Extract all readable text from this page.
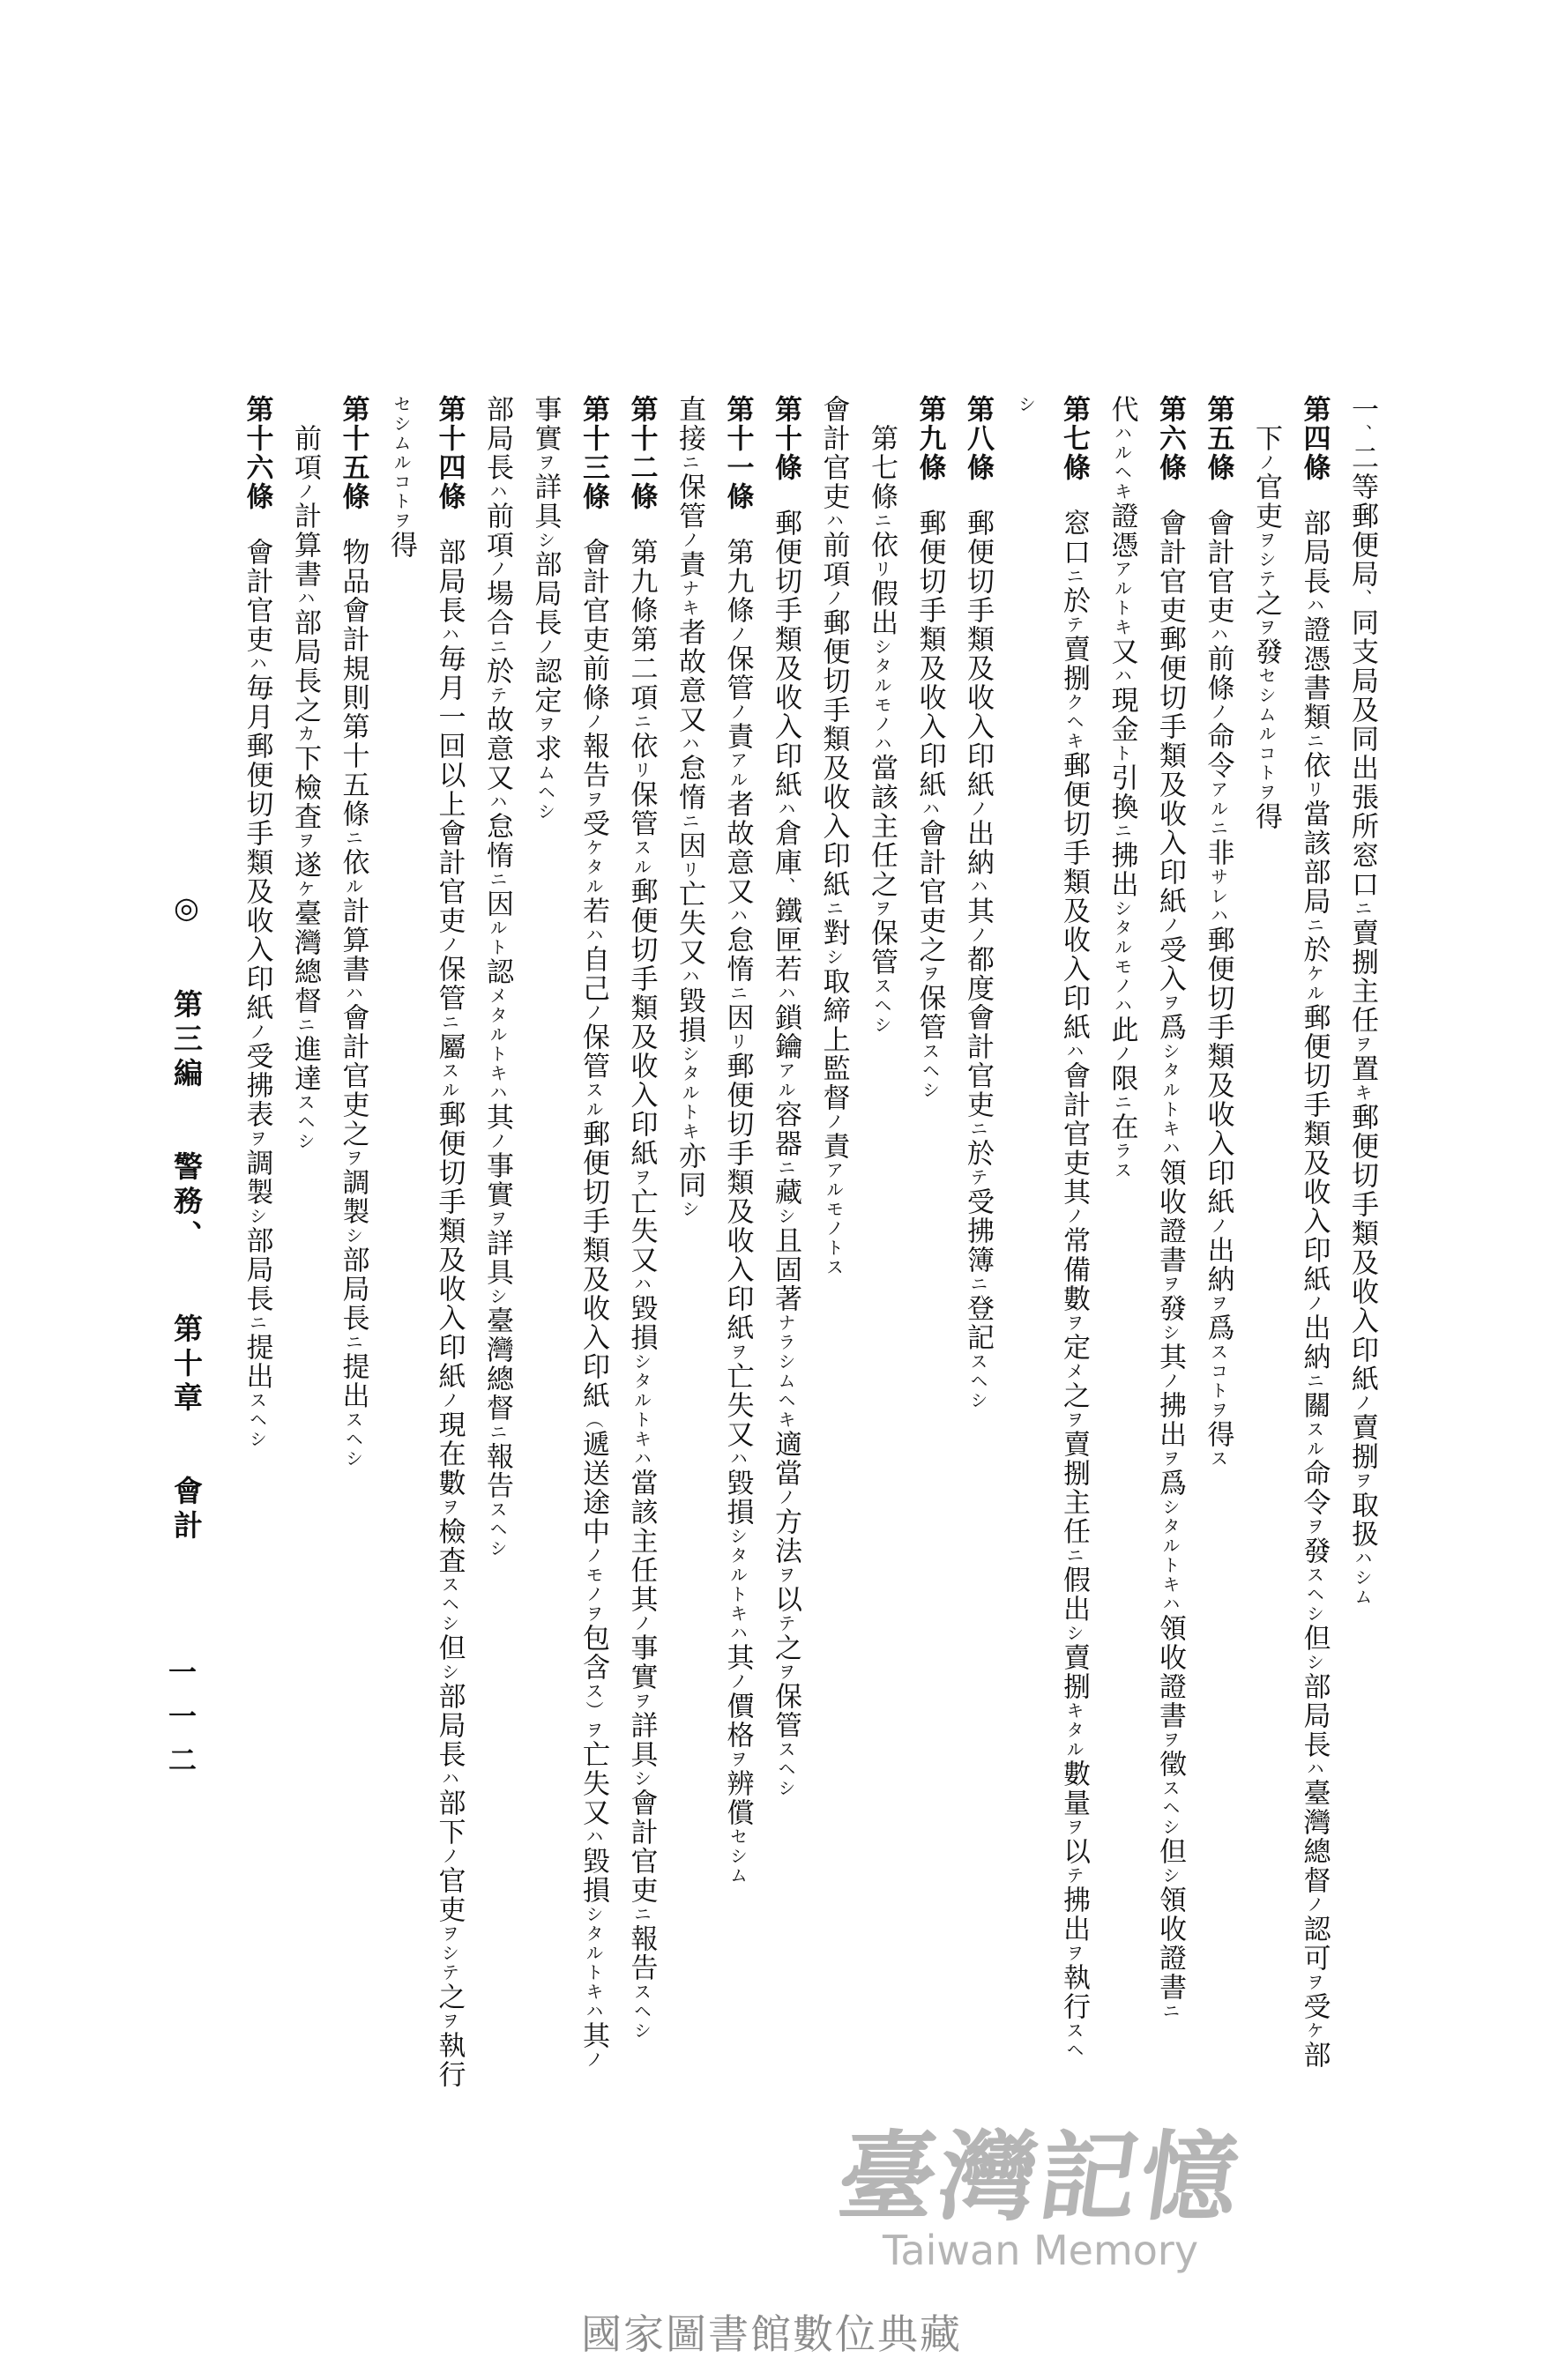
一、二等郵便局、同支局及同出張所窓口ニ賣捌主任ヲ置キ郵便切手類及收入印紙ノ賣捌ヲ取扱ハシム
第四條
部局長ハ證憑書類ニ依リ當該部局ニ於ケル郵便切手類及收入印紙ノ出納ニ關スル命令ヲ發スヘシ但シ部局長ハ臺灣總督ノ認可ヲ受ケ部
下ノ官吏ヲシテ之ヲ發セシムルコトヲ得
第五條
會計官吏ハ前條ノ命令アルニ非サレハ郵便切手類及收入印紙ノ出納ヲ爲スコトヲ得ス
第六條
會計官吏郵便切手類及收入印紙ノ受入ヲ爲シタルトキハ領收證書ヲ發シ其ノ拂出ヲ爲シタルトキハ領收證書ヲ徵スヘシ但シ領收證書ニ
代ハルヘキ證憑アルトキ又ハ現金ト引換ニ拂出シタルモノハ此ノ限ニ在ラス
第七條
窓口ニ於テ賣捌クヘキ郵便切手類及收入印紙ハ會計官吏其ノ常備數ヲ定メ之ヲ賣捌主任ニ假出シ賣捌キタル數量ヲ以テ拂出ヲ執行スヘ
シ
第八條
郵便切手類及收入印紙ノ出納ハ其ノ都度會計官吏ニ於テ受拂簿ニ登記スヘシ
第九條
郵便切手類及收入印紙ハ會計官吏之ヲ保管スヘシ
第七條ニ依リ假出シタルモノハ當該主任之ヲ保管スヘシ
會計官吏ハ前項ノ郵便切手類及收入印紙ニ對シ取締上監督ノ責アルモノトス
第十條
郵便切手類及收入印紙ハ倉庫、鐵匣若ハ鎖鑰アル容器ニ藏シ且固著ナラシムヘキ適當ノ方法ヲ以テ之ヲ保管スヘシ
第十一條
第九條ノ保管ノ責アル者故意又ハ怠惰ニ因リ郵便切手類及收入印紙ヲ亡失又ハ毀損シタルトキハ其ノ價格ヲ辨償セシム
直接ニ保管ノ責ナキ者故意又ハ怠惰ニ因リ亡失又ハ毀損シタルトキ亦同シ
第十二條
第九條第二項ニ依リ保管スル郵便切手類及收入印紙ヲ亡失又ハ毀損シタルトキハ當該主任其ノ事實ヲ詳具シ會計官吏ニ報告スヘシ
第十三條
會計官吏前條ノ報告ヲ受ケタル若ハ自己ノ保管スル郵便切手類及收入印紙（遞送途中ノモノヲ包含ス）ヲ亡失又ハ毀損シタルトキハ其ノ
事實ヲ詳具シ部局長ノ認定ヲ求ムヘシ
部局長ハ前項ノ場合ニ於テ故意又ハ怠惰ニ因ルト認メタルトキハ其ノ事實ヲ詳具シ臺灣總督ニ報告スヘシ
第十四條
部局長ハ毎月一回以上會計官吏ノ保管ニ屬スル郵便切手類及收入印紙ノ現在數ヲ檢査スヘシ但シ部局長ハ部下ノ官吏ヲシテ之ヲ執行
セシムルコトヲ得
第十五條
物品會計規則第十五條ニ依ル計算書ハ會計官吏之ヲ調製シ部局長ニ提出スヘシ
前項ノ計算書ハ部局長之カ下檢査ヲ遂ケ臺灣總督ニ進達スヘシ
第十六條
會計官吏ハ毎月郵便切手類及收入印紙ノ受拂表ヲ調製シ部局長ニ提出スヘシ
◎ 第三編 警務、 第十章 會計
一一二
臺灣記憶
Taiwan Memory
國家圖書館數位典藏
